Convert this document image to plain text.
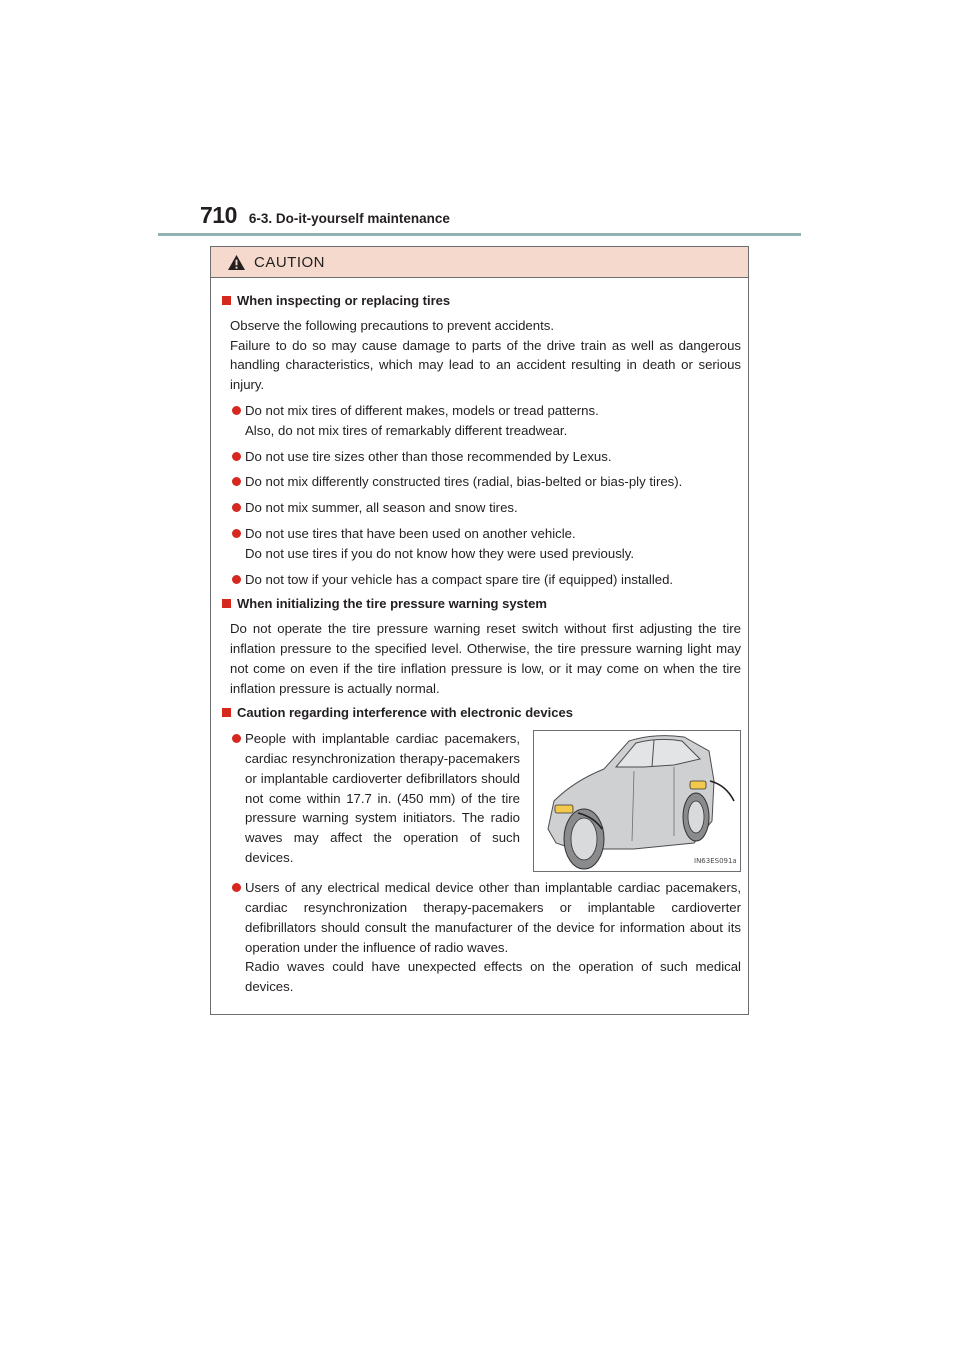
710 6-3. Do-it-yourself maintenance
CAUTION
When inspecting or replacing tires

Observe the following precautions to prevent accidents.

Failure to do so may cause damage to parts of the drive train as well as dangerous handling characteristics, which may lead to an accident resulting in death or serious injury.

Do not mix tires of different makes, models or tread patterns.

Also, do not mix tires of remarkably different treadwear.

Do not use tire sizes other than those recommended by Lexus.

Do not mix differently constructed tires (radial, bias-belted or bias-ply tires).

Do not mix summer, all season and snow tires.

Do not use tires that have been used on another vehicle.

Do not use tires if you do not know how they were used previously.

Do not tow if your vehicle has a compact spare tire (if equipped) installed.

When initializing the tire pressure warning system

Do not operate the tire pressure warning reset switch without first adjusting the tire inflation pressure to the specified level. Otherwise, the tire pressure warning light may not come on even if the tire inflation pressure is low, or it may come on when the tire inflation pressure is actually normal.

Caution regarding interference with electronic devices

People with implantable cardiac pacemakers, cardiac resynchronization therapy-pacemakers or implantable cardioverter defibrillators should not come within 17.7 in. (450 mm) of the tire pressure warning system initiators. The radio waves may affect the operation of such devices.	IN63ES091a

Users of any electrical medical device other than implantable cardiac pacemakers, cardiac resynchronization therapy-pacemakers or implantable cardioverter defibrillators should consult the manufacturer of the device for information about its operation under the influence of radio waves.

Radio waves could have unexpected effects on the operation of such medical devices.
